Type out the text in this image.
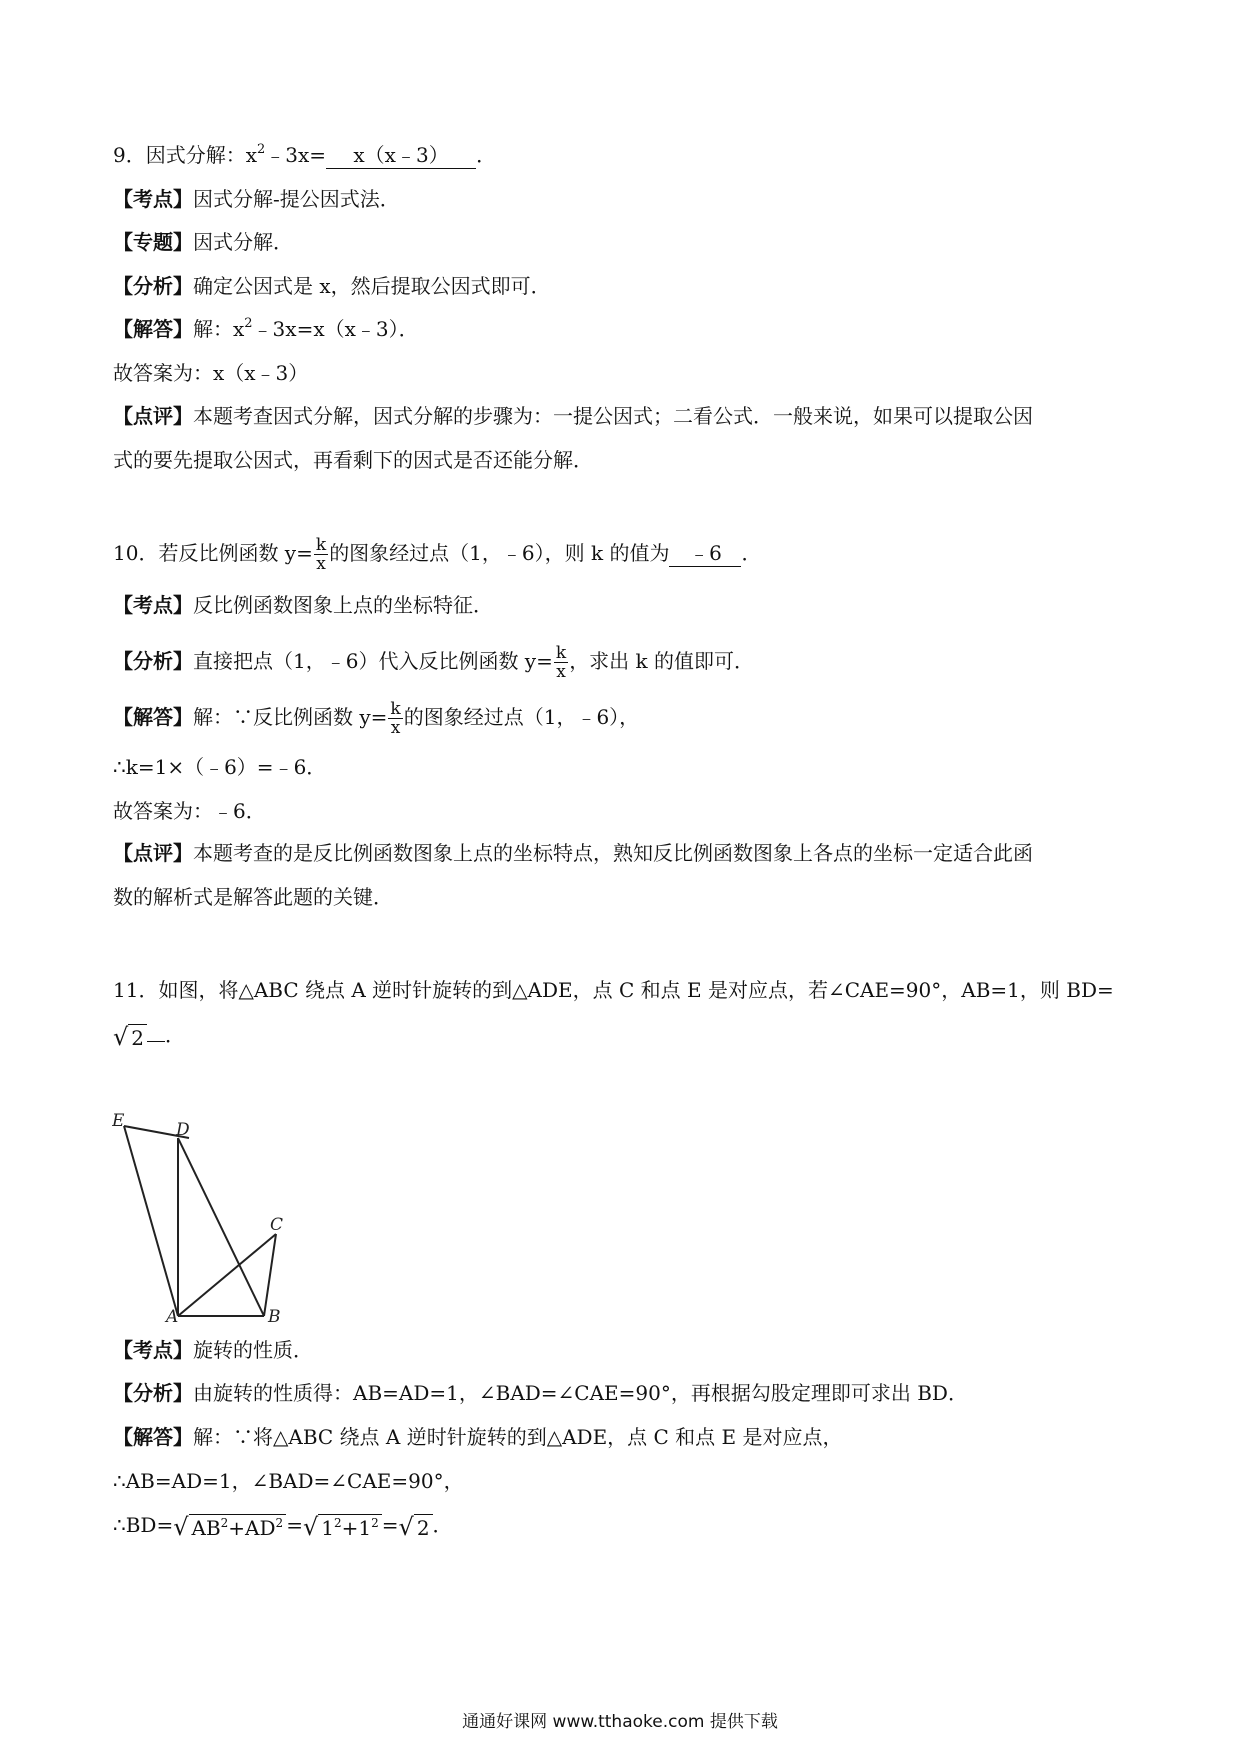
9．因式分解：$x^2﹣3x=$ x（x﹣3） ．
【考点】因式分解-提公因式法．
【专题】因式分解．
【分析】确定公因式是 x，然后提取公因式即可．
【解答】解：$x^2﹣3x=x(x﹣3)$．
故答案为：x（x﹣3）
【点评】本题考查因式分解，因式分解的步骤为：一提公因式；二看公式．一般来说，如果可以提取公因
式的要先提取公因式，再看剩下的因式是否还能分解．
10．若反比例函数 $y= \frac{k}{x}$ 的图象经过点（1，﹣6），则 k 的值为 ﹣6 ．
【考点】反比例函数图象上点的坐标特征．
【分析】直接把点（1，﹣6）代入反比例函数 $y= \frac{k}{x}$ ，求出 k 的值即可．
【解答】解：∵反比例函数 $y= \frac{k}{x}$ 的图象经过点（1，﹣6），
∴k=1×（﹣6）=﹣6．
故答案为：﹣6．
【点评】本题考查的是反比例函数图象上点的坐标特点，熟知反比例函数图象上各点的坐标一定适合此函
数的解析式是解答此题的关键．
11．如图，将△ABC 绕点 A 逆时针旋转的到△ADE，点 C 和点 E 是对应点，若∠CAE=90°，AB=1，则 BD=
√ 2 ．
E	D
C
A	B
【考点】旋转的性质．
【分析】由旋转的性质得：AB=AD=1，∠BAD=∠CAE=90°，再根据勾股定理即可求出 BD．
【解答】解：∵将△ABC 绕点 A 逆时针旋转的到△ADE，点 C 和点 E 是对应点，
∴AB=AD=1，∠BAD=∠CAE=90°，
∴BD= √ $AB^2+AD^2$ = √ $1^2+1^2$ = √ 2 ．
通通好课网 www.tthaoke.com 提供下载
